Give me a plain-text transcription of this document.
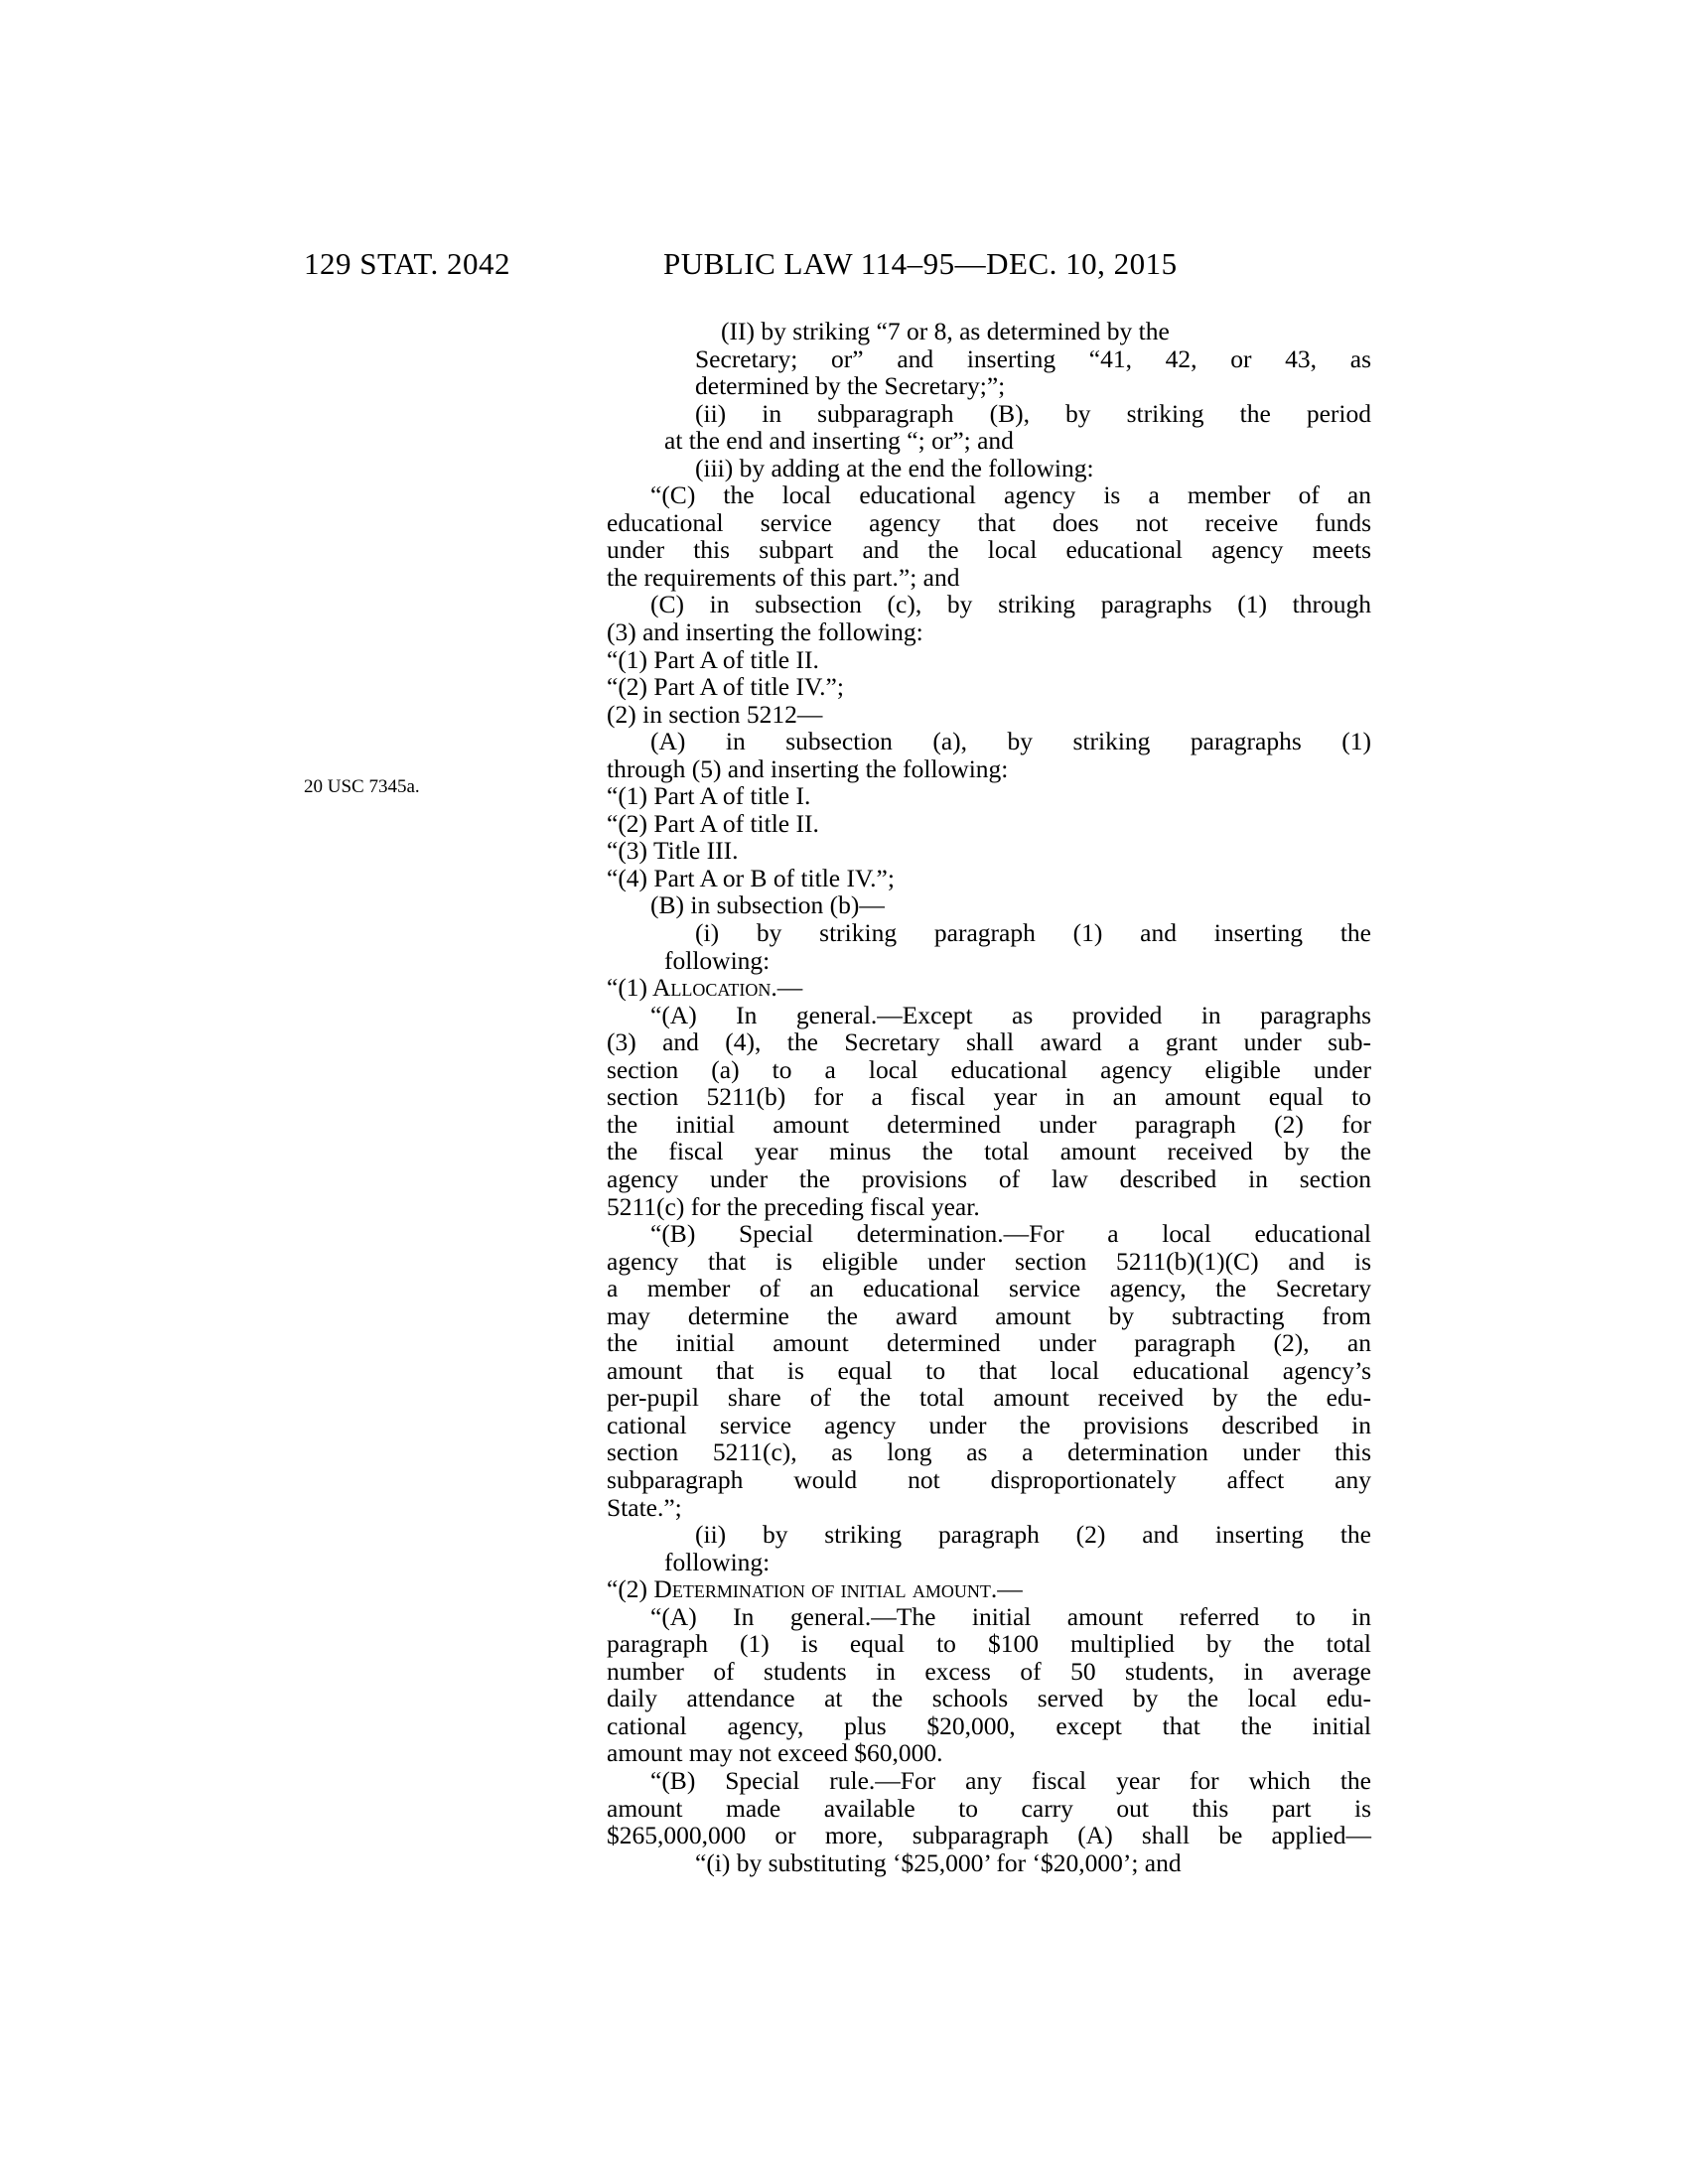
129 STAT. 2042	PUBLIC LAW 114–95—DEC. 10, 2015
20 USC 7345a.
(II) by striking “7 or 8, as determined by the
Secretary; or” and inserting “41, 42, or 43, as
determined by the Secretary;”;
(ii) in subparagraph (B), by striking the period
at the end and inserting “; or”; and
(iii) by adding at the end the following:
“(C) the local educational agency is a member of an
educational service agency that does not receive funds
under this subpart and the local educational agency meets
the requirements of this part.”; and
(C) in subsection (c), by striking paragraphs (1) through
(3) and inserting the following:
“(1) Part A of title II.
“(2) Part A of title IV.”;
(2) in section 5212—
(A) in subsection (a), by striking paragraphs (1)
through (5) and inserting the following:
“(1) Part A of title I.
“(2) Part A of title II.
“(3) Title III.
“(4) Part A or B of title IV.”;
(B) in subsection (b)—
(i) by striking paragraph (1) and inserting the
following:
“(1) Allocation.—
“(A) In general.—Except as provided in paragraphs
(3) and (4), the Secretary shall award a grant under sub-
section (a) to a local educational agency eligible under
section 5211(b) for a fiscal year in an amount equal to
the initial amount determined under paragraph (2) for
the fiscal year minus the total amount received by the
agency under the provisions of law described in section
5211(c) for the preceding fiscal year.
“(B) Special determination.—For a local educational
agency that is eligible under section 5211(b)(1)(C) and is
a member of an educational service agency, the Secretary
may determine the award amount by subtracting from
the initial amount determined under paragraph (2), an
amount that is equal to that local educational agency’s
per-pupil share of the total amount received by the edu-
cational service agency under the provisions described in
section 5211(c), as long as a determination under this
subparagraph would not disproportionately affect any
State.”;
(ii) by striking paragraph (2) and inserting the
following:
“(2) Determination of initial amount.—
“(A) In general.—The initial amount referred to in
paragraph (1) is equal to $100 multiplied by the total
number of students in excess of 50 students, in average
daily attendance at the schools served by the local edu-
cational agency, plus $20,000, except that the initial
amount may not exceed $60,000.
“(B) Special rule.—For any fiscal year for which the
amount made available to carry out this part is
$265,000,000 or more, subparagraph (A) shall be applied—
“(i) by substituting ‘$25,000’ for ‘$20,000’; and
